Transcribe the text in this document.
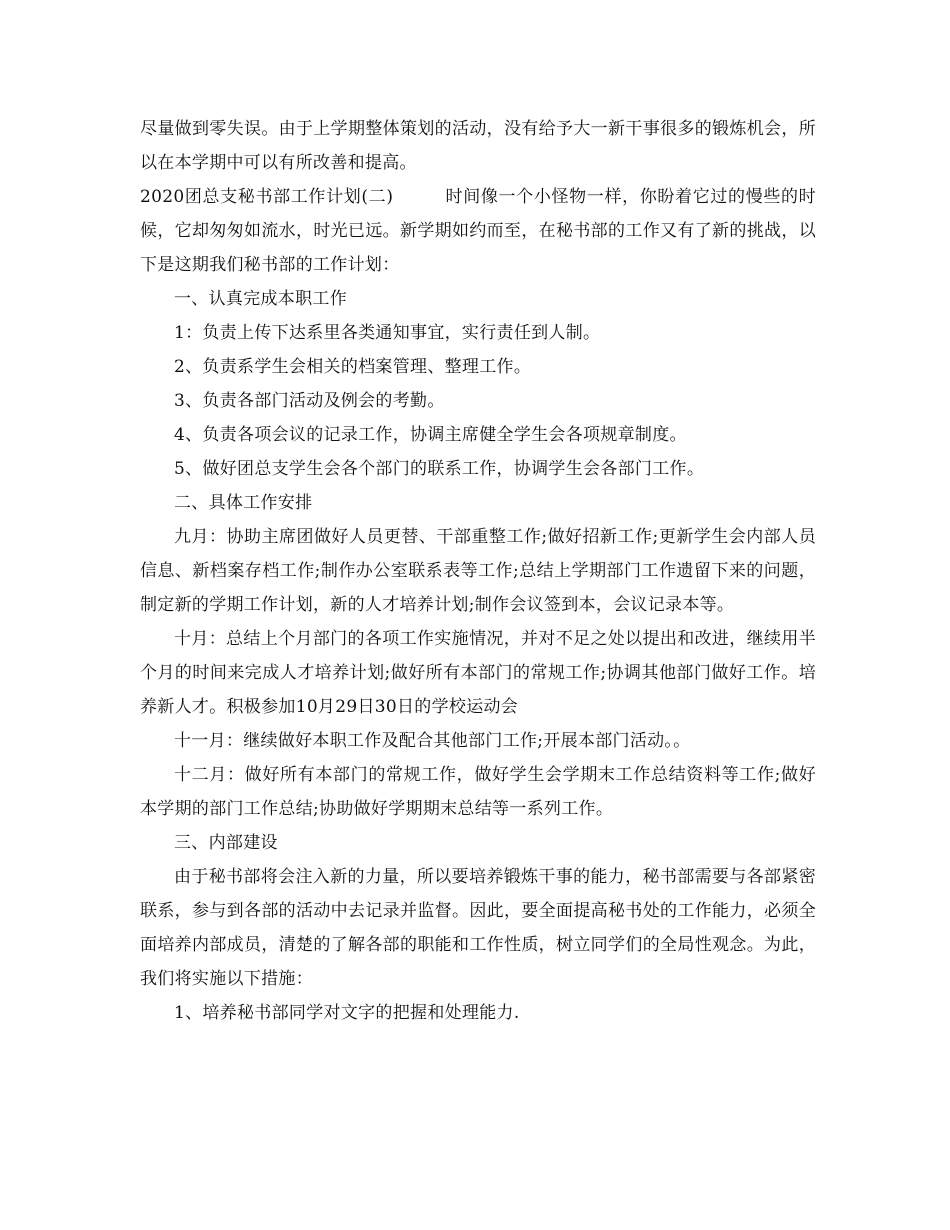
尽量做到零失误。由于上学期整体策划的活动，没有给予大一新干事很多的锻炼机会，所以在本学期中可以有所改善和提高。

2020团总支秘书部工作计划(二)   	时间像一个小怪物一样，你盼着它过的慢些的时候，它却匆匆如流水，时光已远。新学期如约而至，在秘书部的工作又有了新的挑战，以下是这期我们秘书部的工作计划：

一、认真完成本职工作

1：负责上传下达系里各类通知事宜，实行责任到人制。

2、负责系学生会相关的档案管理、整理工作。

3、负责各部门活动及例会的考勤。

4、负责各项会议的记录工作，协调主席健全学生会各项规章制度。

5、做好团总支学生会各个部门的联系工作，协调学生会各部门工作。

二、具体工作安排

九月：协助主席团做好人员更替、干部重整工作;做好招新工作;更新学生会内部人员信息、新档案存档工作;制作办公室联系表等工作;总结上学期部门工作遗留下来的问题，制定新的学期工作计划，新的人才培养计划;制作会议签到本，会议记录本等。

十月：总结上个月部门的各项工作实施情况，并对不足之处以提出和改进，继续用半个月的时间来完成人才培养计划;做好所有本部门的常规工作;协调其他部门做好工作。培养新人才。积极参加10月29日30日的学校运动会

十一月：继续做好本职工作及配合其他部门工作;开展本部门活动。。

十二月：做好所有本部门的常规工作，做好学生会学期末工作总结资料等工作;做好本学期的部门工作总结;协助做好学期期末总结等一系列工作。

三、内部建设

由于秘书部将会注入新的力量，所以要培养锻炼干事的能力，秘书部需要与各部紧密联系，参与到各部的活动中去记录并监督。因此，要全面提高秘书处的工作能力，必须全面培养内部成员，清楚的了解各部的职能和工作性质，树立同学们的全局性观念。为此，我们将实施以下措施：

1、培养秘书部同学对文字的把握和处理能力.
